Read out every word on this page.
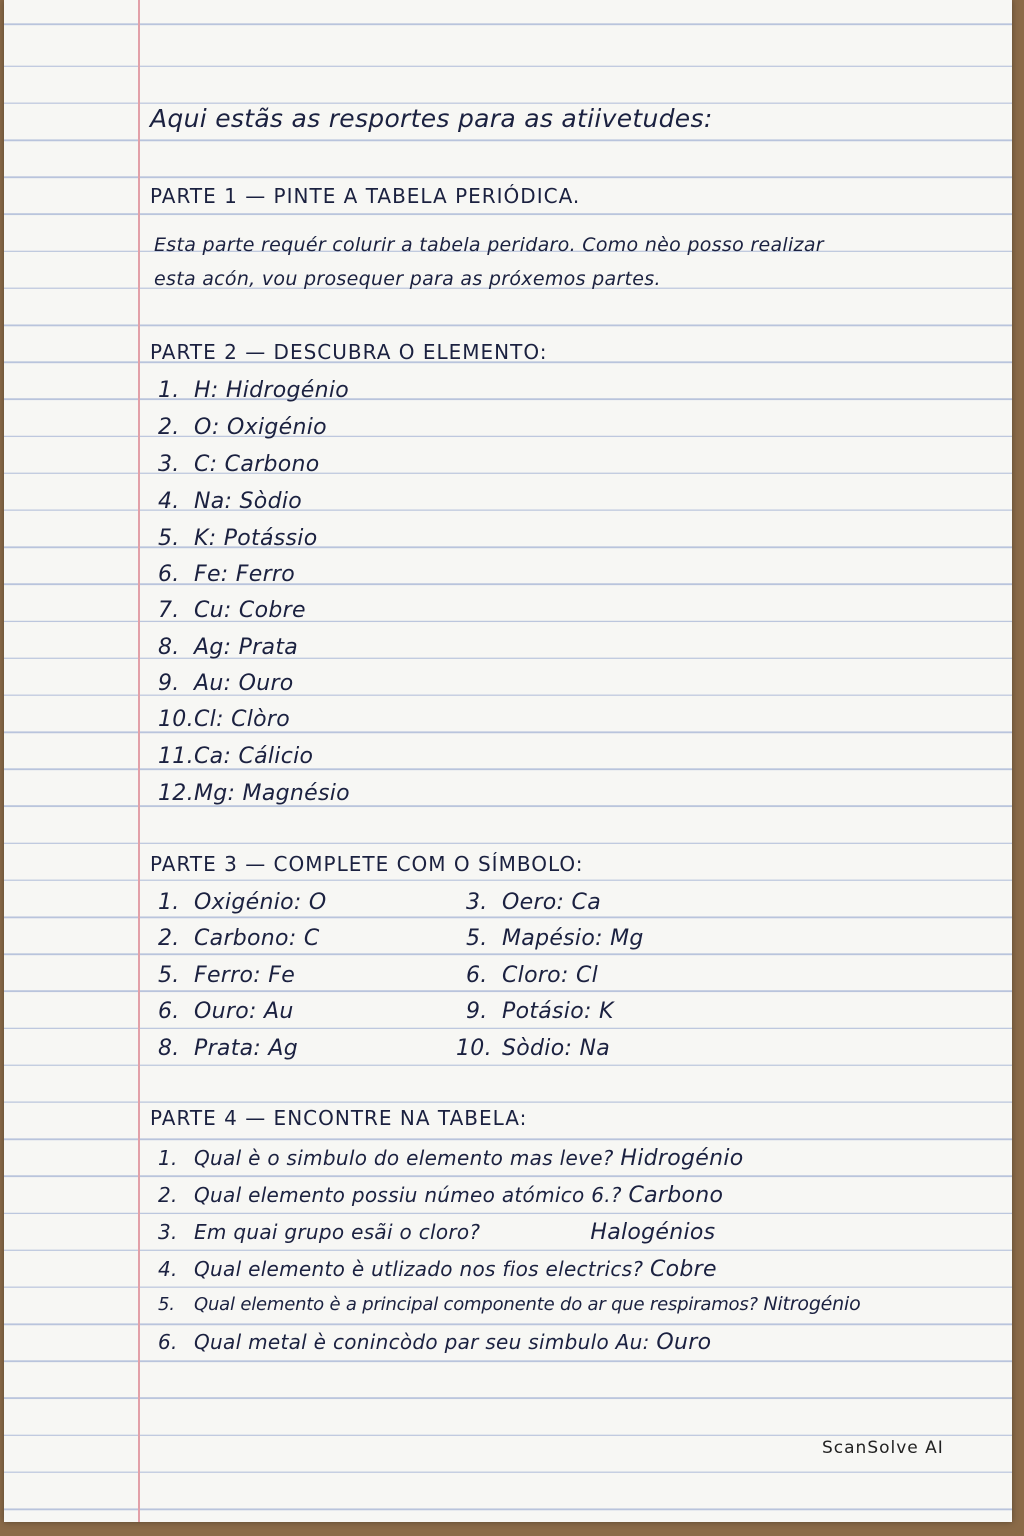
Aqui estãs as resportes para as atiivetudes:

PARTE 1 — PINTE A TABELA PERIÓDICA.

Esta parte requér colurir a tabela peridaro. Como nèo posso realizar

esta acón, vou prosequer para as próxemos partes.

PARTE 2 — DESCUBRA O ELEMENTO:

1. H: Hidrogénio

2. O: Oxigénio

3. C: Carbono

4. Na: Sòdio

5. K: Potássio

6. Fe: Ferro

7. Cu: Cobre

8. Ag: Prata

9. Au: Ouro

10.Cl: Clòro

11.Ca: Cálicio

12.Mg: Magnésio

PARTE 3 — COMPLETE COM O SÍMBOLO:

1. Oxigénio: O

2. Carbono: C

5. Ferro: Fe

6. Ouro: Au

8. Prata: Ag

3. Oero: Ca

5. Mapésio: Mg

6. Cloro: Cl

9. Potásio: K

10. Sòdio: Na

PARTE 4 — ENCONTRE NA TABELA:

1. Qual è o simbulo do elemento mas leve? Hidrogénio

2. Qual elemento possiu númeo atómico 6.? Carbono

3. Em quai grupo esãi o cloro?	Halogénios

4. Qual elemento è utlizado nos fios electrics? Cobre

5. Qual elemento è a principal componente do ar que respiramos? Nitrogénio

6. Qual metal è conincòdo par seu simbulo Au: Ouro

ScanSolve AI
